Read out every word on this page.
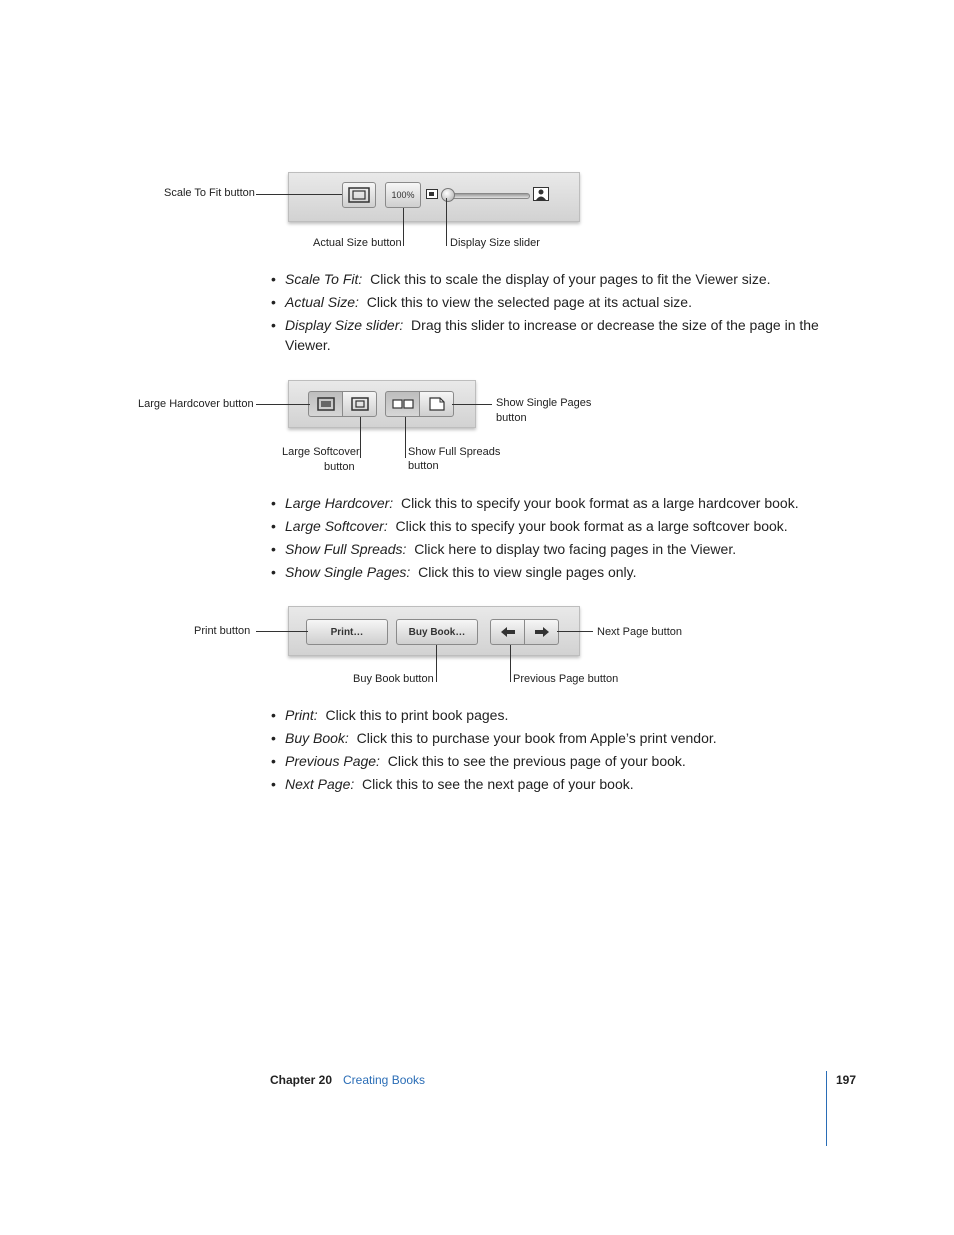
100%
Scale To Fit button
Actual Size button	Display Size slider
• Scale To Fit: Click this to scale the display of your pages to fit the Viewer size.
• Actual Size: Click this to view the selected page at its actual size.
• Display Size slider: Drag this slider to increase or decrease the size of the page in the Viewer.
Large Hardcover button	Show Single Pages
button
Large Softcover
button
Show Full Spreads
button
• Large Hardcover: Click this to specify your book format as a large hardcover book.
• Large Softcover: Click this to specify your book format as a large softcover book.
• Show Full Spreads: Click here to display two facing pages in the Viewer.
• Show Single Pages: Click this to view single pages only.
Print…	Buy Book…
Print button	Next Page button
Buy Book button	Previous Page button
• Print: Click this to print book pages.
• Buy Book: Click this to purchase your book from Apple’s print vendor.
• Previous Page: Click this to see the previous page of your book.
• Next Page: Click this to see the next page of your book.
Chapter 20 Creating Books	197
